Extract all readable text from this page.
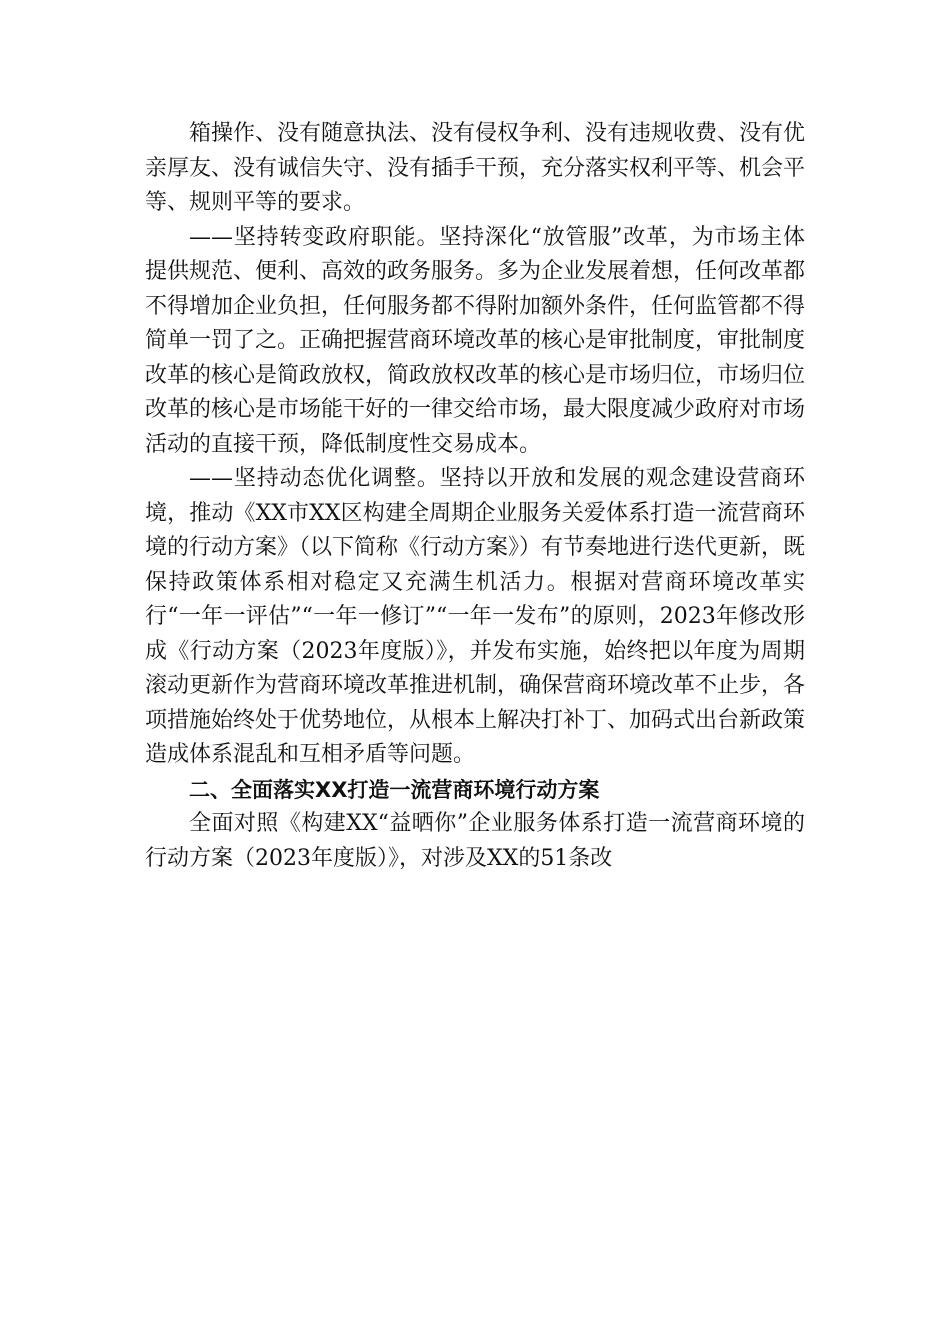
箱操作、没有随意执法、没有侵权争利、没有违规收费、没有优亲厚友、没有诚信失守、没有插手干预，充分落实权利平等、机会平等、规则平等的要求。

——坚持转变政府职能。坚持深化“放管服”改革，为市场主体提供规范、便利、高效的政务服务。多为企业发展着想，任何改革都不得增加企业负担，任何服务都不得附加额外条件，任何监管都不得简单一罚了之。正确把握营商环境改革的核心是审批制度，审批制度改革的核心是简政放权，简政放权改革的核心是市场归位，市场归位改革的核心是市场能干好的一律交给市场，最大限度减少政府对市场活动的直接干预，降低制度性交易成本。

——坚持动态优化调整。坚持以开放和发展的观念建设营商环境，推动《XX市XX区构建全周期企业服务关爱体系打造一流营商环境的行动方案》（以下简称《行动方案》）有节奏地进行迭代更新，既保持政策体系相对稳定又充满生机活力。根据对营商环境改革实行“一年一评估”“一年一修订”“一年一发布”的原则，2023年修改形成《行动方案（2023年度版）》，并发布实施，始终把以年度为周期滚动更新作为营商环境改革推进机制，确保营商环境改革不止步，各项措施始终处于优势地位，从根本上解决打补丁、加码式出台新政策造成体系混乱和互相矛盾等问题。

二、全面落实XX打造一流营商环境行动方案

全面对照《构建XX“益晒你”企业服务体系打造一流营商环境的行动方案（2023年度版）》，对涉及XX的51条改
